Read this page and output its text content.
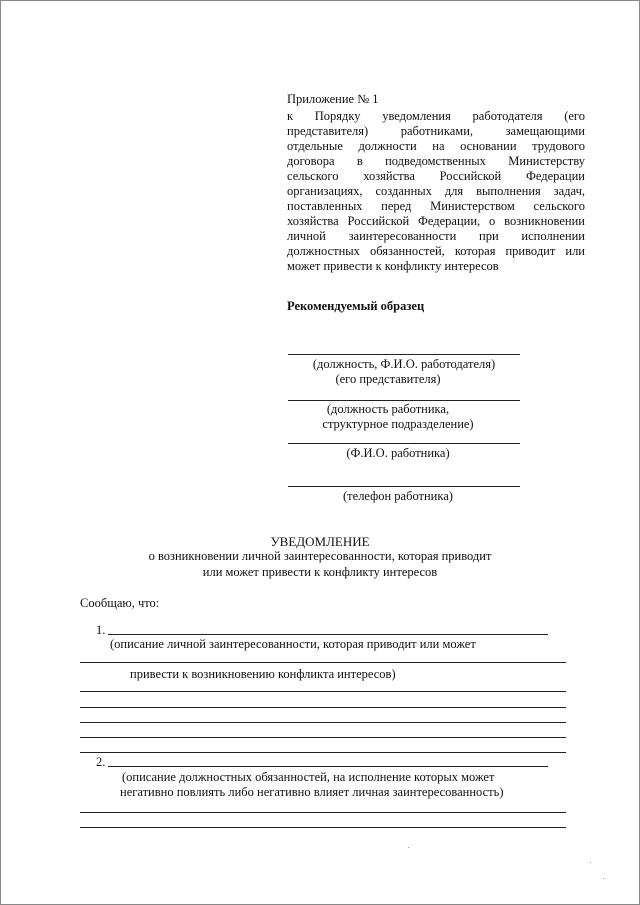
Приложение № 1
к Порядку уведомления работодателя (его
представителя) работниками, замещающими
отдельные должности на основании трудового
договора в подведомственных Министерству
сельского хозяйства Российской Федерации
организациях, созданных для выполнения задач,
поставленных перед Министерством сельского
хозяйства Российской Федерации, о возникновении
личной заинтересованности при исполнении
должностных обязанностей, которая приводит или
может привести к конфликту интересов
Рекомендуемый образец
(должность, Ф.И.О. работодателя)
(его представителя)
(должность работника,
структурное подразделение)
(Ф.И.О. работника)
(телефон работника)
УВЕДОМЛЕНИЕ
о возникновении личной заинтересованности, которая приводит
или может привести к конфликту интересов
Сообщаю, что:
1.
(описание личной заинтересованности, которая приводит или может
привести к возникновению конфликта интересов)
2.
(описание должностных обязанностей, на исполнение которых может
негативно повлиять либо негативно влияет личная заинтересованность)
